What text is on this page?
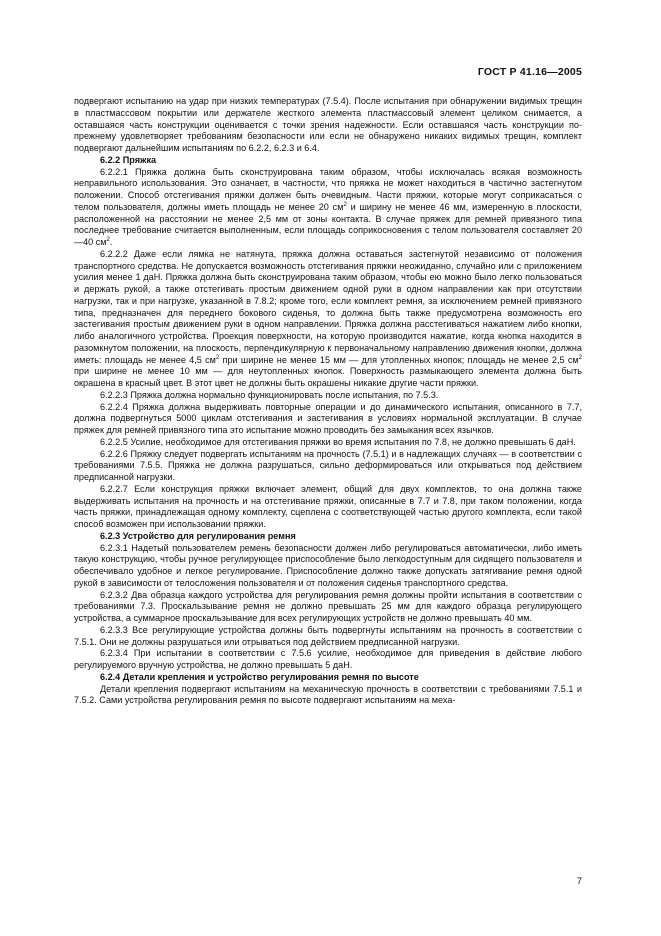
ГОСТ Р 41.16—2005

подвергают испытанию на удар при низких температурах (7.5.4). После испытания при обнаружении видимых трещин в пластмассовом покрытии или держателе жесткого элемента пластмассовый элемент целиком снимается, а оставшаяся часть конструкции оценивается с точки зрения надежности. Если оставшаяся часть конструкции по-прежнему удовлетворяет требованиям безопасности или если не обнаружено никаких видимых трещин, комплект подвергают дальнейшим испытаниям по 6.2.2, 6.2.3 и 6.4.

6.2.2 Пряжка

6.2.2.1 Пряжка должна быть сконструирована таким образом, чтобы исключалась всякая возможность неправильного использования. Это означает, в частности, что пряжка не может находиться в частично застегнутом положении. Способ отстегивания пряжки должен быть очевидным. Части пряжки, которые могут соприкасаться с телом пользователя, должны иметь площадь не менее 20 $см^2$ и ширину не менее 46 мм, измеренную в плоскости, расположенной на расстоянии не менее 2,5 мм от зоны контакта. В случае пряжек для ремней привязного типа последнее требование считается выполненным, если площадь соприкосновения с телом пользователя составляет 20—40 $см^2$.

6.2.2.2 Даже если лямка не натянута, пряжка должна оставаться застегнутой независимо от положения транспортного средства. Не допускается возможность отстегивания пряжки неожиданно, случайно или с приложением усилия менее 1 даН. Пряжка должна быть сконструирована таким образом, чтобы ею можно было легко пользоваться и держать рукой, а также отстегивать простым движением одной руки в одном направлении как при отсутствии нагрузки, так и при нагрузке, указанной в 7.8.2; кроме того, если комплект ремня, за исключением ремней привязного типа, предназначен для переднего бокового сиденья, то должна быть также предусмотрена возможность его застегивания простым движением руки в одном направлении. Пряжка должна расстегиваться нажатием либо кнопки, либо аналогичного устройства. Проекция поверхности, на которую производится нажатие, когда кнопка находится в разомкнутом положении, на плоскость, перпендикулярную к первоначальному направлению движения кнопки, должна иметь: площадь не менее 4,5 $см^2$ при ширине не менее 15 мм — для утопленных кнопок; площадь не менее 2,5 $см^2$ при ширине не менее 10 мм — для неутопленных кнопок. Поверхность размыкающего элемента должна быть окрашена в красный цвет. В этот цвет не должны быть окрашены никакие другие части пряжки.

6.2.2.3 Пряжка должна нормально функционировать после испытания, по 7.5.3.

6.2.2.4 Пряжка должна выдерживать повторные операции и до динамического испытания, описанного в 7.7, должна подвергнуться 5000 циклам отстегивания и застегивания в условиях нормальной эксплуатации. В случае пряжек для ремней привязного типа это испытание можно проводить без замыкания всех язычков.

6.2.2.5 Усилие, необходимое для отстегивания пряжки во время испытания по 7.8, не должно превышать 6 даН.

6.2.2.6 Пряжку следует подвергать испытаниям на прочность (7.5.1) и в надлежащих случаях — в соответствии с требованиями 7.5.5. Пряжка не должна разрушаться, сильно деформироваться или открываться под действием предписанной нагрузки.

6.2.2.7 Если конструкция пряжки включает элемент, общий для двух комплектов, то она должна также выдерживать испытания на прочность и на отстегивание пряжки, описанные в 7.7 и 7.8, при таком положении, когда часть пряжки, принадлежащая одному комплекту, сцеплена с соответствующей частью другого комплекта, если такой способ возможен при использовании пряжки.

6.2.3 Устройство для регулирования ремня

6.2.3.1 Надетый пользователем ремень безопасности должен либо регулироваться автоматически, либо иметь такую конструкцию, чтобы ручное регулирующее приспособление было легкодоступным для сидящего пользователя и обеспечивало удобное и легкое регулирование. Приспособление должно также допускать затягивание ремня одной рукой в зависимости от телосложения пользователя и от положения сиденья транспортного средства.

6.2.3.2 Два образца каждого устройства для регулирования ремня должны пройти испытания в соответствии с требованиями 7.3. Проскальзывание ремня не должно превышать 25 мм для каждого образца регулирующего устройства, а суммарное проскальзывание для всех регулирующих устройств не должно превышать 40 мм.

6.2.3.3 Все регулирующие устройства должны быть подвергнуты испытаниям на прочность в соответствии с 7.5.1. Они не должны разрушаться или отрываться под действием предписанной нагрузки.

6.2.3.4 При испытании в соответствии с 7.5.6 усилие, необходимое для приведения в действие любого регулируемого вручную устройства, не должно превышать 5 даН.

6.2.4 Детали крепления и устройство регулирования ремня по высоте

Детали крепления подвергают испытаниям на механическую прочность в соответствии с требованиями 7.5.1 и 7.5.2. Сами устройства регулирования ремня по высоте подвергают испытаниям на меха-

7
